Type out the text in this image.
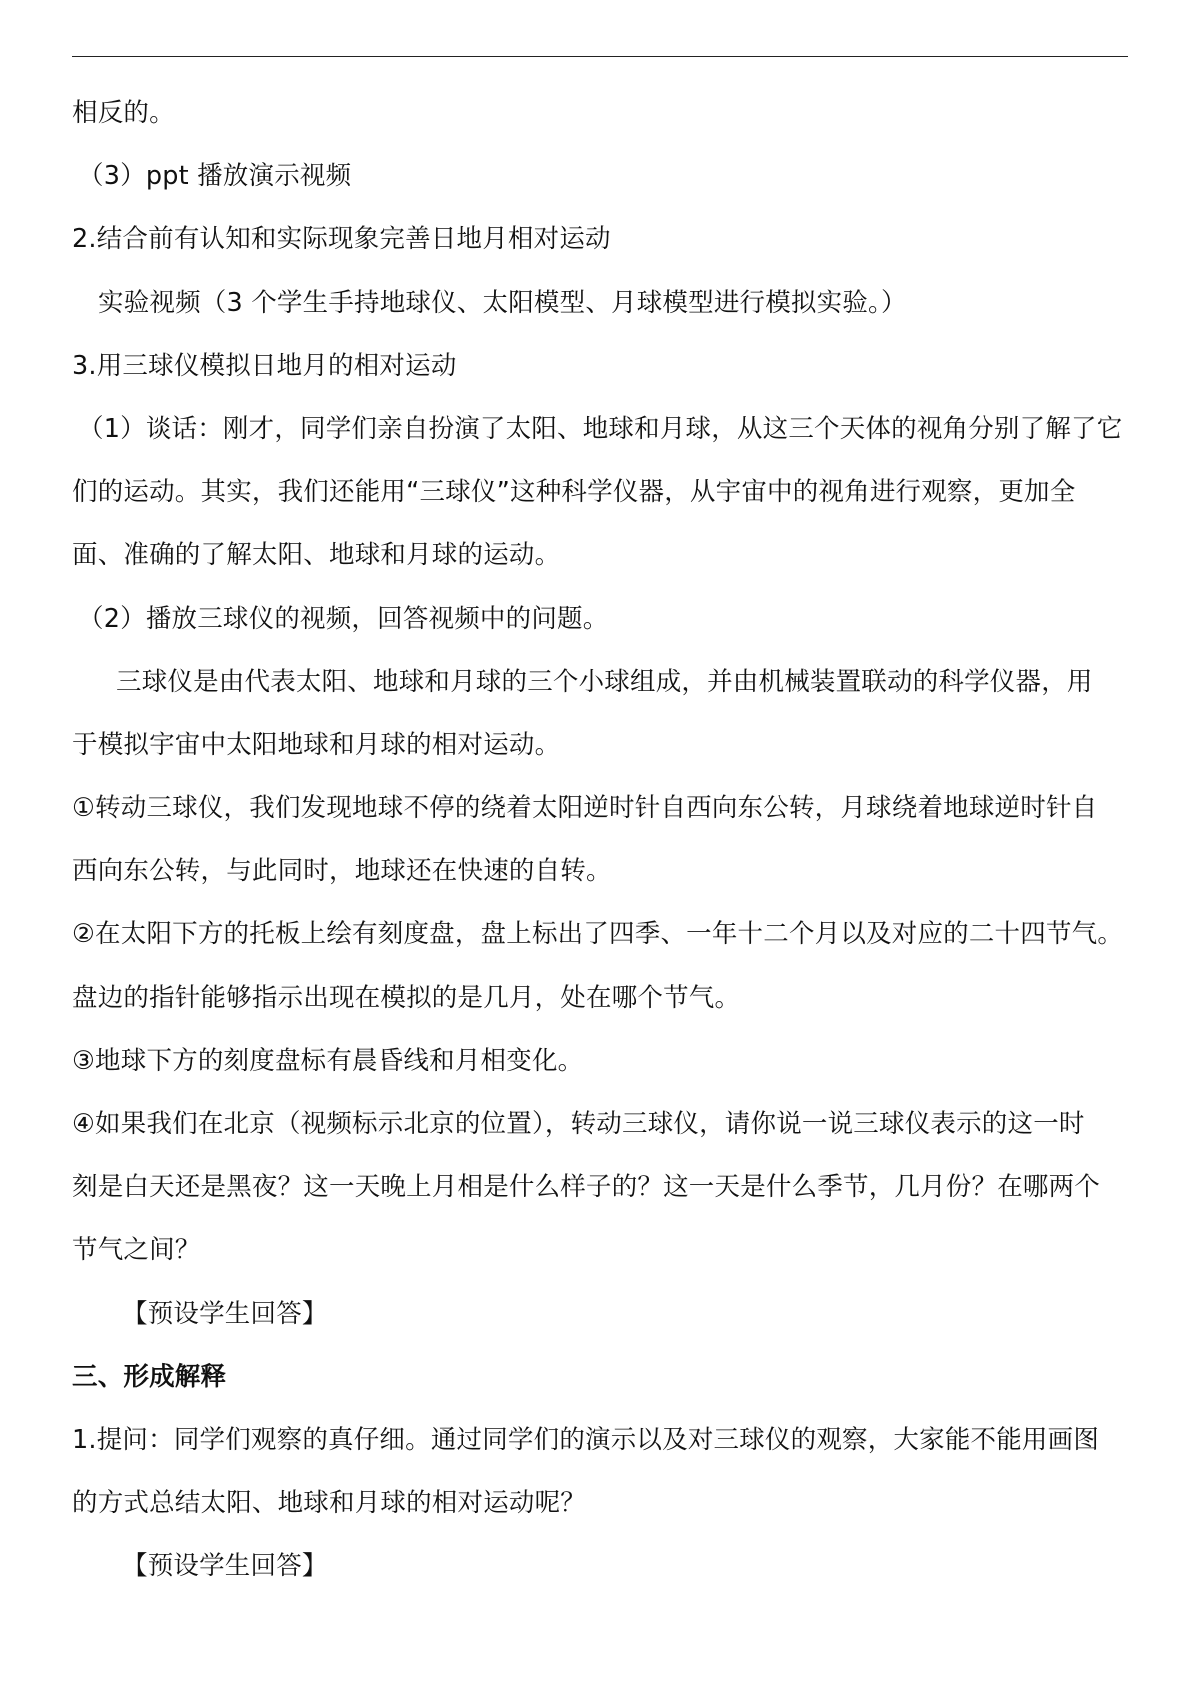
相反的。
（3）ppt 播放演示视频
2.结合前有认知和实际现象完善日地月相对运动
实验视频（3 个学生手持地球仪、太阳模型、月球模型进行模拟实验。）
3.用三球仪模拟日地月的相对运动
（1）谈话：刚才，同学们亲自扮演了太阳、地球和月球，从这三个天体的视角分别了解了它
们的运动。其实，我们还能用“三球仪”这种科学仪器，从宇宙中的视角进行观察，更加全
面、准确的了解太阳、地球和月球的运动。
（2）播放三球仪的视频，回答视频中的问题。
三球仪是由代表太阳、地球和月球的三个小球组成，并由机械装置联动的科学仪器，用
于模拟宇宙中太阳地球和月球的相对运动。
①转动三球仪，我们发现地球不停的绕着太阳逆时针自西向东公转，月球绕着地球逆时针自
西向东公转，与此同时，地球还在快速的自转。
②在太阳下方的托板上绘有刻度盘，盘上标出了四季、一年十二个月以及对应的二十四节气。
盘边的指针能够指示出现在模拟的是几月，处在哪个节气。
③地球下方的刻度盘标有晨昏线和月相变化。
④如果我们在北京（视频标示北京的位置），转动三球仪，请你说一说三球仪表示的这一时
刻是白天还是黑夜？这一天晚上月相是什么样子的？这一天是什么季节，几月份？在哪两个
节气之间？
【预设学生回答】
三、形成解释
1.提问：同学们观察的真仔细。通过同学们的演示以及对三球仪的观察，大家能不能用画图
的方式总结太阳、地球和月球的相对运动呢？
【预设学生回答】
